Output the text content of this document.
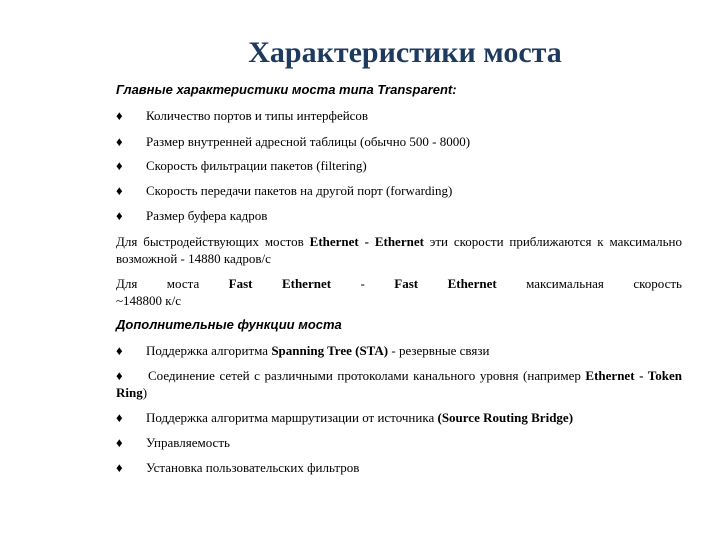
Характеристики моста
Главные характеристики моста типа Transparent:
♦ Количество портов и типы интерфейсов
♦ Размер внутренней адресной таблицы (обычно 500 - 8000)
♦ Скорость фильтрации пакетов (filtering)
♦ Скорость передачи пакетов на другой порт (forwarding)
♦ Размер буфера кадров
Для быстродействующих мостов Ethernet - Ethernet эти скорости приближаются к максимально возможной - 14880 кадров/с
Для моста Fast Ethernet - Fast Ethernet максимальная скорость
~148800 к/с
Дополнительные функции моста
♦ Поддержка алгоритма Spanning Tree (STA) - резервные связи
♦ Соединение сетей с различными протоколами канального уровня (например Ethernet - Token Ring)
♦ Поддержка алгоритма маршрутизации от источника (Source Routing Bridge)
♦ Управляемость
♦ Установка пользовательских фильтров
